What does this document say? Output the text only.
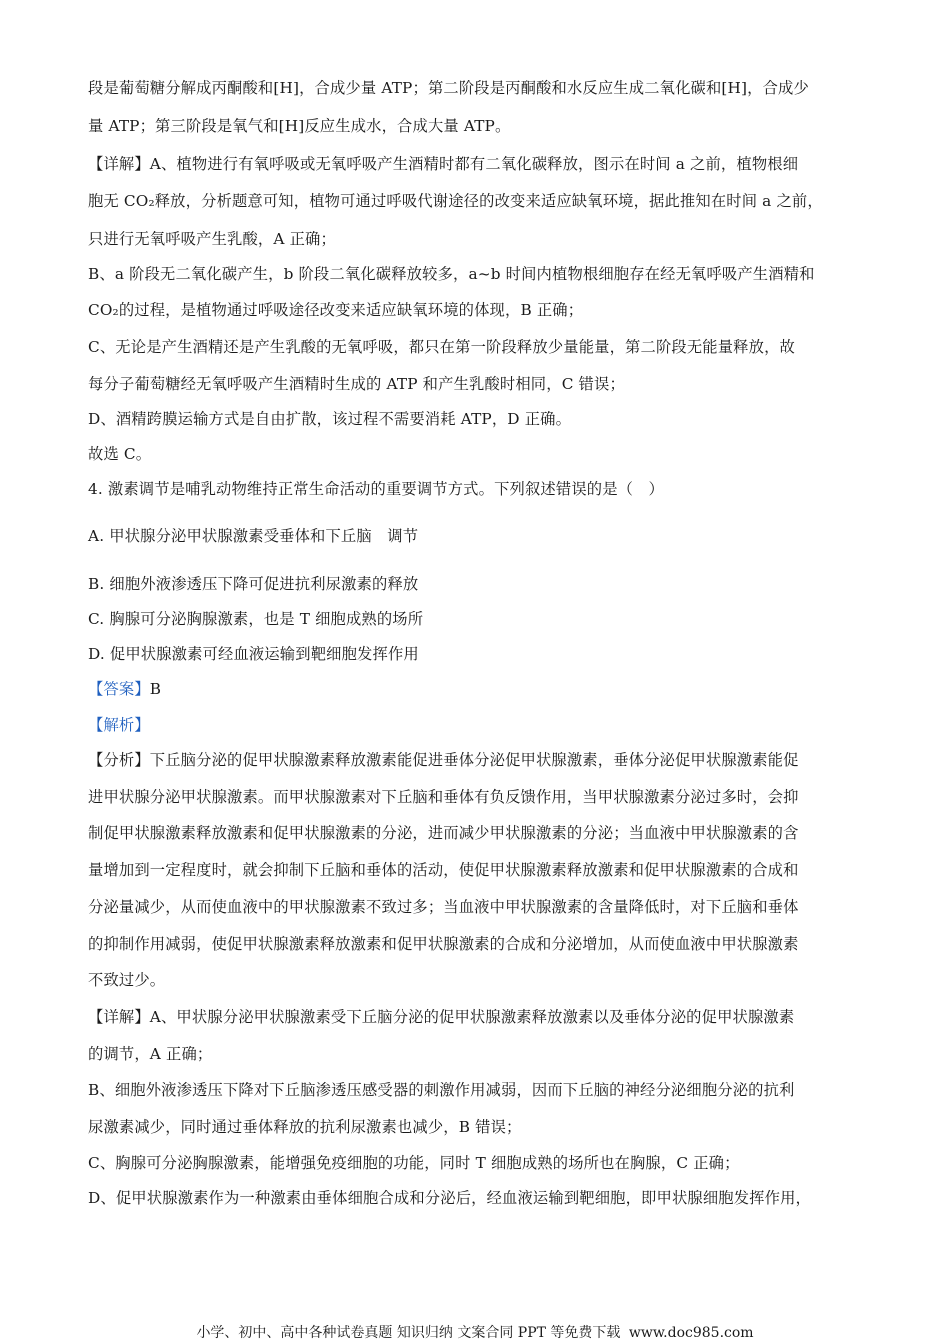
段是葡萄糖分解成丙酮酸和[H]，合成少量 ATP；第二阶段是丙酮酸和水反应生成二氧化碳和[H]，合成少
量 ATP；第三阶段是氧气和[H]反应生成水，合成大量 ATP。
【详解】A、植物进行有氧呼吸或无氧呼吸产生酒精时都有二氧化碳释放，图示在时间 a 之前，植物根细
胞无 CO₂释放，分析题意可知，植物可通过呼吸代谢途径的改变来适应缺氧环境，据此推知在时间 a 之前，
只进行无氧呼吸产生乳酸，A 正确；
B、a 阶段无二氧化碳产生，b 阶段二氧化碳释放较多，a~b 时间内植物根细胞存在经无氧呼吸产生酒精和
CO₂的过程，是植物通过呼吸途径改变来适应缺氧环境的体现，B 正确；
C、无论是产生酒精还是产生乳酸的无氧呼吸，都只在第一阶段释放少量能量，第二阶段无能量释放，故
每分子葡萄糖经无氧呼吸产生酒精时生成的 ATP 和产生乳酸时相同，C 错误；
D、酒精跨膜运输方式是自由扩散，该过程不需要消耗 ATP，D 正确。
故选 C。
4. 激素调节是哺乳动物维持正常生命活动的重要调节方式。下列叙述错误的是（　）
A. 甲状腺分泌甲状腺激素受垂体和下丘脑　调节
B. 细胞外液渗透压下降可促进抗利尿激素的释放
C. 胸腺可分泌胸腺激素，也是 T 细胞成熟的场所
D. 促甲状腺激素可经血液运输到靶细胞发挥作用
【答案】B
【解析】
【分析】下丘脑分泌的促甲状腺激素释放激素能促进垂体分泌促甲状腺激素，垂体分泌促甲状腺激素能促
进甲状腺分泌甲状腺激素。而甲状腺激素对下丘脑和垂体有负反馈作用，当甲状腺激素分泌过多时，会抑
制促甲状腺激素释放激素和促甲状腺激素的分泌，进而减少甲状腺激素的分泌；当血液中甲状腺激素的含
量增加到一定程度时，就会抑制下丘脑和垂体的活动，使促甲状腺激素释放激素和促甲状腺激素的合成和
分泌量减少，从而使血液中的甲状腺激素不致过多；当血液中甲状腺激素的含量降低时，对下丘脑和垂体
的抑制作用减弱，使促甲状腺激素释放激素和促甲状腺激素的合成和分泌增加，从而使血液中甲状腺激素
不致过少。
【详解】A、甲状腺分泌甲状腺激素受下丘脑分泌的促甲状腺激素释放激素以及垂体分泌的促甲状腺激素
的调节，A 正确；
B、细胞外液渗透压下降对下丘脑渗透压感受器的刺激作用减弱，因而下丘脑的神经分泌细胞分泌的抗利
尿激素减少，同时通过垂体释放的抗利尿激素也减少，B 错误；
C、胸腺可分泌胸腺激素，能增强免疫细胞的功能，同时 T 细胞成熟的场所也在胸腺，C 正确；
D、促甲状腺激素作为一种激素由垂体细胞合成和分泌后，经血液运输到靶细胞，即甲状腺细胞发挥作用，
小学、初中、高中各种试卷真题 知识归纳 文案合同 PPT 等免费下载 www.doc985.com
